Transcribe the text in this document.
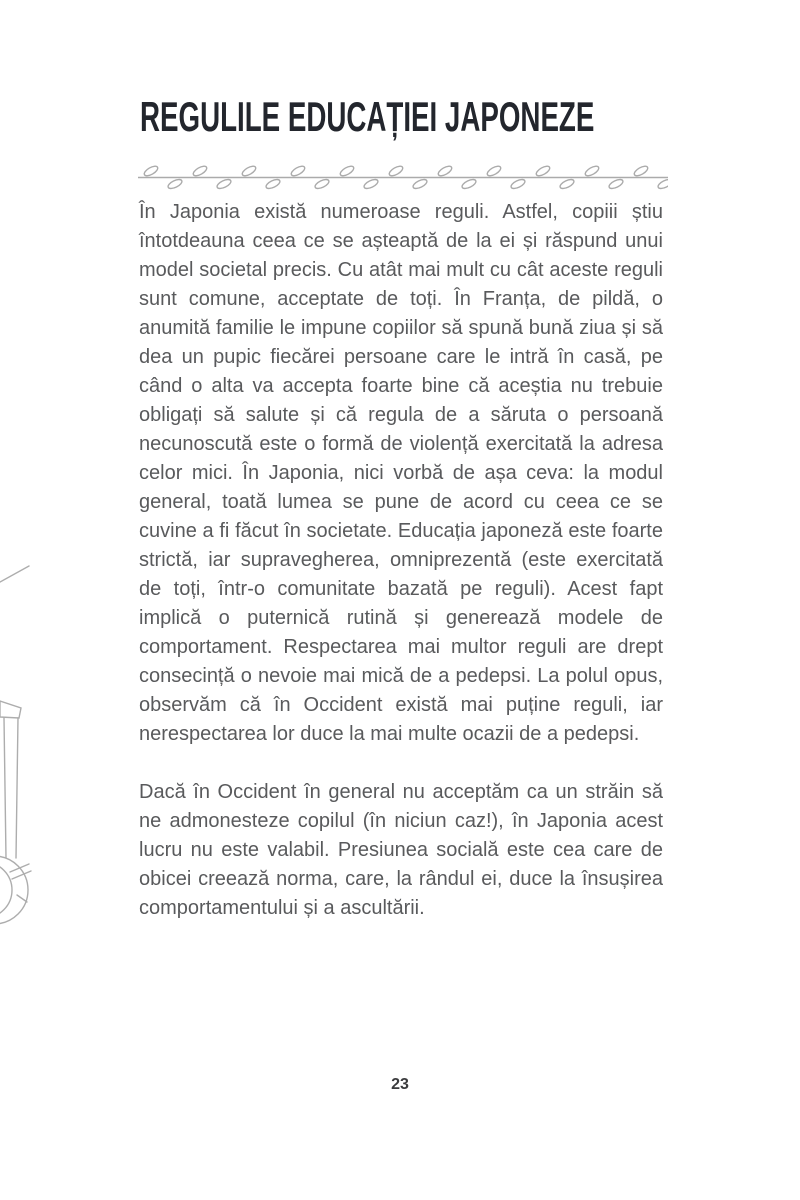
REGULILE EDUCAȚIEI JAPONEZE

În Japonia există numeroase reguli. Astfel, copiii știu întotdeauna ceea ce se așteaptă de la ei și răspund unui model societal precis. Cu atât mai mult cu cât aceste reguli sunt comune, acceptate de toți. În Franța, de pildă, o anumită familie le impune copiilor să spună bună ziua și să dea un pupic fiecărei persoane care le intră în casă, pe când o alta va accepta foarte bine că aceștia nu trebuie obligați să salute și că regula de a săruta o persoană necunoscută este o formă de violență exercitată la adresa celor mici. În Japonia, nici vorbă de așa ceva: la modul general, toată lumea se pune de acord cu ceea ce se cuvine a fi făcut în societate. Educația japoneză este foarte strictă, iar supravegherea, omniprezentă (este exercitată de toți, într-o comunitate bazată pe reguli). Acest fapt implică o puternică rutină și generează modele de comportament. Respectarea mai multor reguli are drept consecință o nevoie mai mică de a pedepsi. La polul opus, observăm că în Occident există mai puține reguli, iar nerespectarea lor duce la mai multe ocazii de a pedepsi.

Dacă în Occident în general nu acceptăm ca un străin să ne admonesteze copilul (în niciun caz!), în Japonia acest lucru nu este valabil. Presiunea socială este cea care de obicei creează norma, care, la rândul ei, duce la însușirea comportamentului și a ascultării.

23
